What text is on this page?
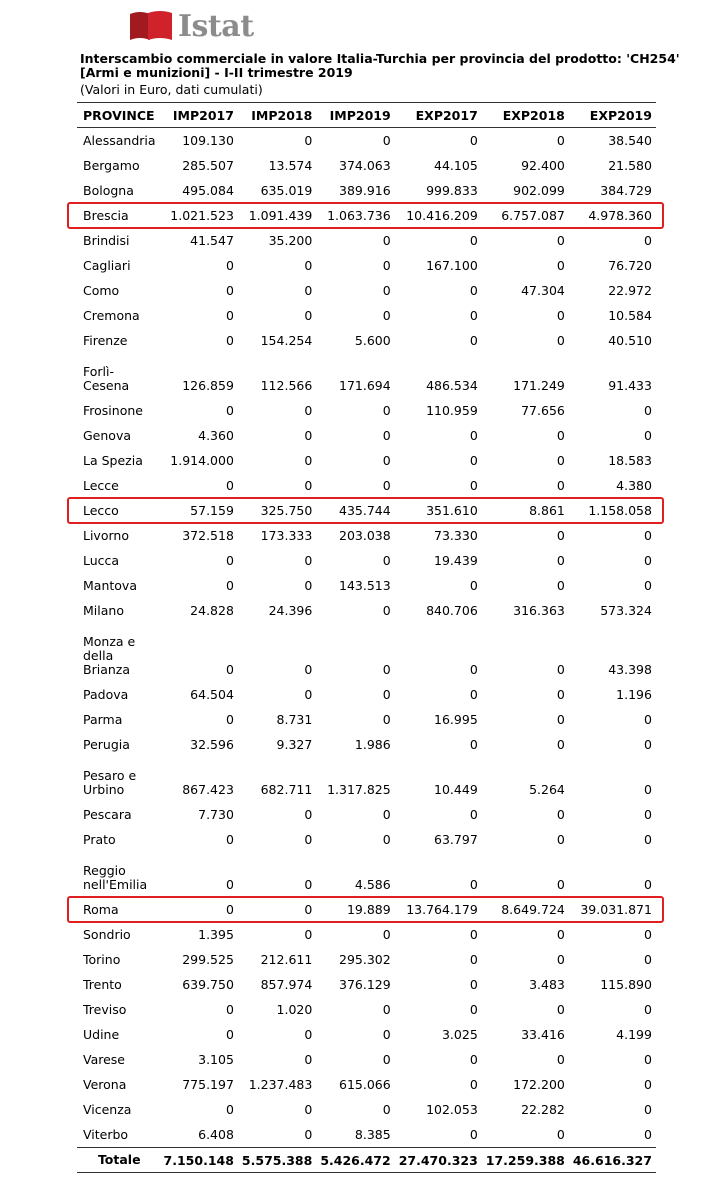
Istat
Interscambio commerciale in valore Italia-Turchia per provincia del prodotto: 'CH254' [Armi e munizioni] - I-II trimestre 2019
(Valori in Euro, dati cumulati)
PROVINCE	IMP2017	IMP2018	IMP2019	EXP2017	EXP2018	EXP2019
Alessandria	109.130	0	0	0	0	38.540
Bergamo	285.507	13.574	374.063	44.105	92.400	21.580
Bologna	495.084	635.019	389.916	999.833	902.099	384.729
Brescia	1.021.523	1.091.439	1.063.736	10.416.209	6.757.087	4.978.360
Brindisi	41.547	35.200	0	0	0	0
Cagliari	0	0	0	167.100	0	76.720
Como	0	0	0	0	47.304	22.972
Cremona	0	0	0	0	0	10.584
Firenze	0	154.254	5.600	0	0	40.510
Forlì-Cesena	126.859	112.566	171.694	486.534	171.249	91.433
Frosinone	0	0	0	110.959	77.656	0
Genova	4.360	0	0	0	0	0
La Spezia	1.914.000	0	0	0	0	18.583
Lecce	0	0	0	0	0	4.380
Lecco	57.159	325.750	435.744	351.610	8.861	1.158.058
Livorno	372.518	173.333	203.038	73.330	0	0
Lucca	0	0	0	19.439	0	0
Mantova	0	0	143.513	0	0	0
Milano	24.828	24.396	0	840.706	316.363	573.324
Monza e della Brianza	0	0	0	0	0	43.398
Padova	64.504	0	0	0	0	1.196
Parma	0	8.731	0	16.995	0	0
Perugia	32.596	9.327	1.986	0	0	0
Pesaro e Urbino	867.423	682.711	1.317.825	10.449	5.264	0
Pescara	7.730	0	0	0	0	0
Prato	0	0	0	63.797	0	0
Reggio nell'Emilia	0	0	4.586	0	0	0
Roma	0	0	19.889	13.764.179	8.649.724	39.031.871
Sondrio	1.395	0	0	0	0	0
Torino	299.525	212.611	295.302	0	0	0
Trento	639.750	857.974	376.129	0	3.483	115.890
Treviso	0	1.020	0	0	0	0
Udine	0	0	0	3.025	33.416	4.199
Varese	3.105	0	0	0	0	0
Verona	775.197	1.237.483	615.066	0	172.200	0
Vicenza	0	0	0	102.053	22.282	0
Viterbo	6.408	0	8.385	0	0	0
Totale	7.150.148	5.575.388	5.426.472	27.470.323	17.259.388	46.616.327
